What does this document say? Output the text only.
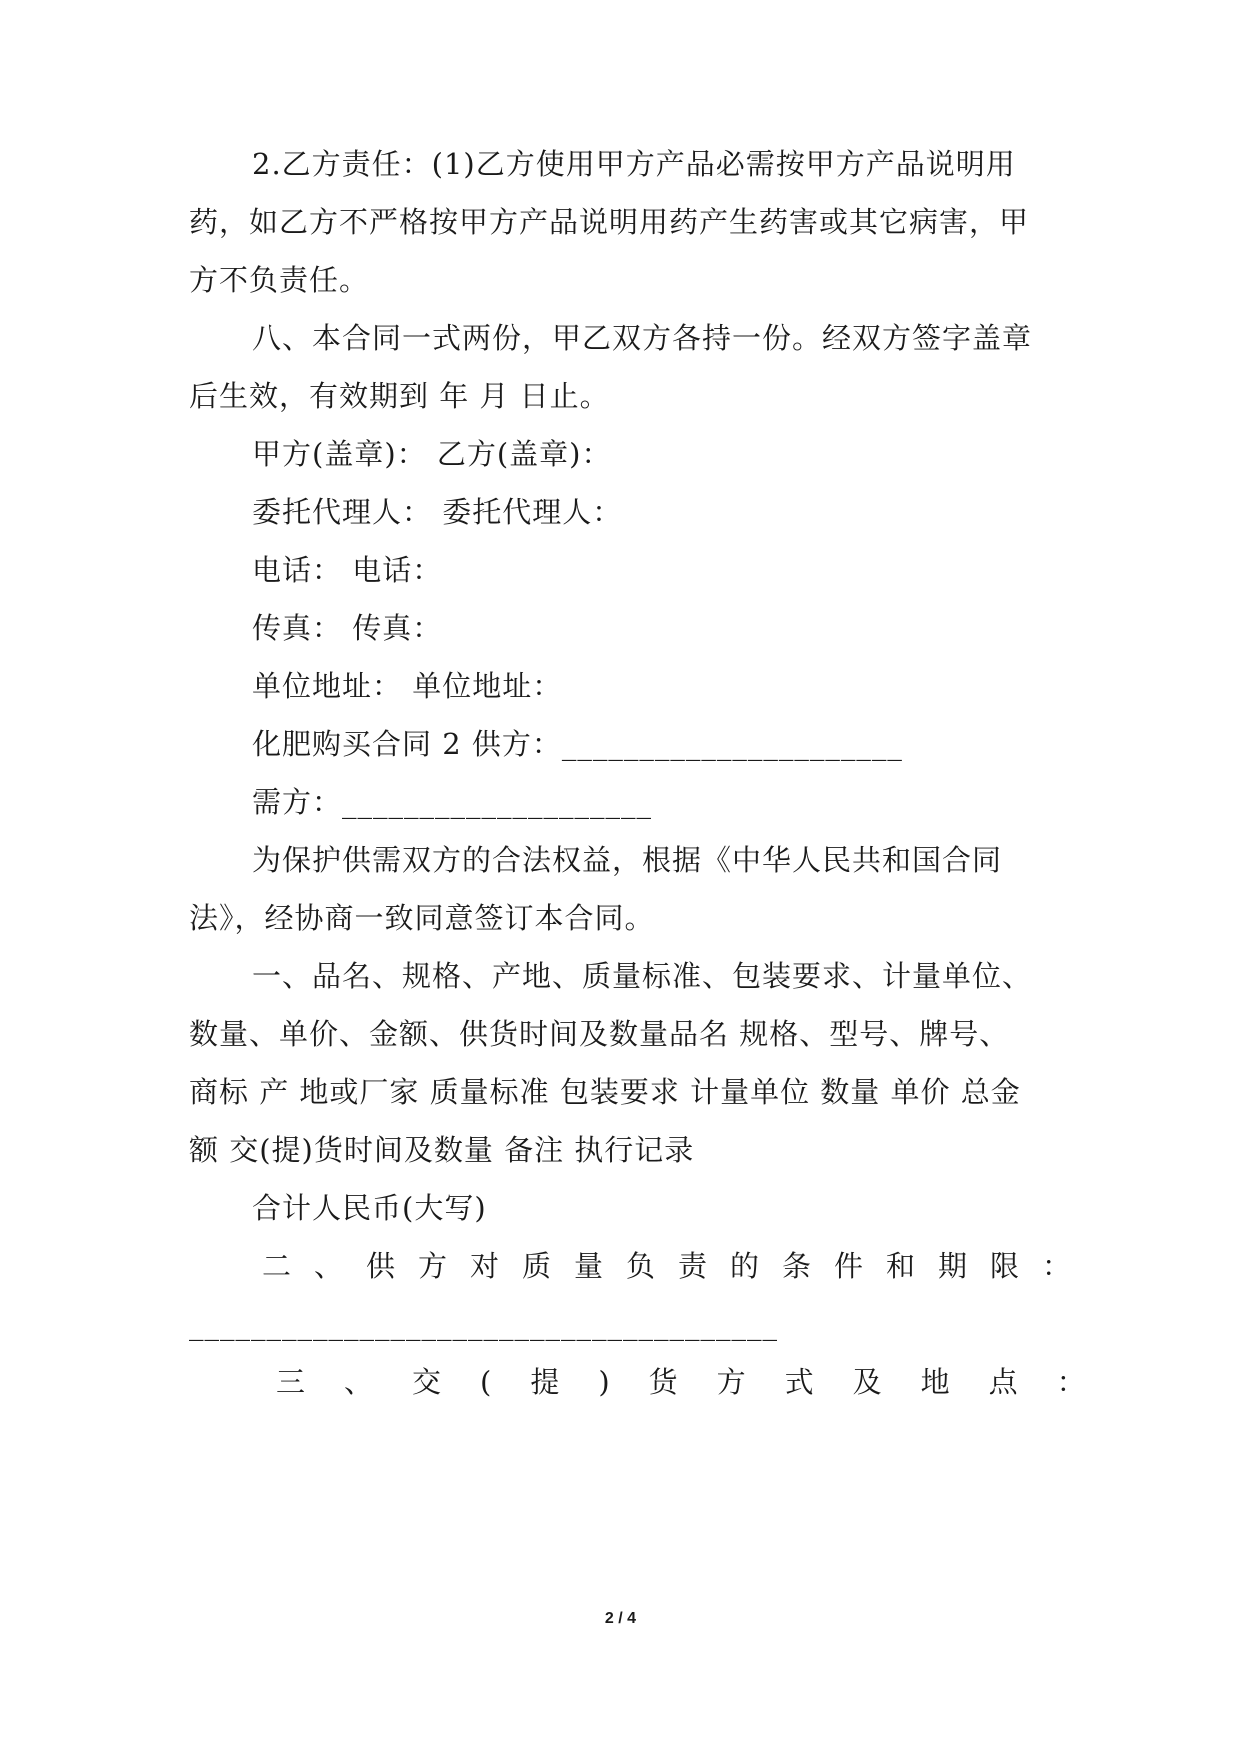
2.乙方责任：(1)乙方使用甲方产品必需按甲方产品说明用
药，如乙方不严格按甲方产品说明用药产生药害或其它病害，甲
方不负责任。
八、本合同一式两份，甲乙双方各持一份。经双方签字盖章
后生效，有效期到 年 月 日止。
甲方(盖章)： 乙方(盖章)：
委托代理人： 委托代理人：
电话： 电话：
传真： 传真：
单位地址： 单位地址：
化肥购买合同 2 供方：______________________
需方：____________________
为保护供需双方的合法权益，根据《中华人民共和国合同
法》，经协商一致同意签订本合同。
一、品名、规格、产地、质量标准、包装要求、计量单位、
数量、单价、金额、供货时间及数量品名 规格、型号、牌号、
商标 产 地或厂家 质量标准 包装要求 计量单位 数量 单价 总金
额 交(提)货时间及数量 备注 执行记录
合计人民币(大写)
二、供方对质量负责的条件和期限：
______________________________________
三、交(提)货方式及地点：
2 / 4
